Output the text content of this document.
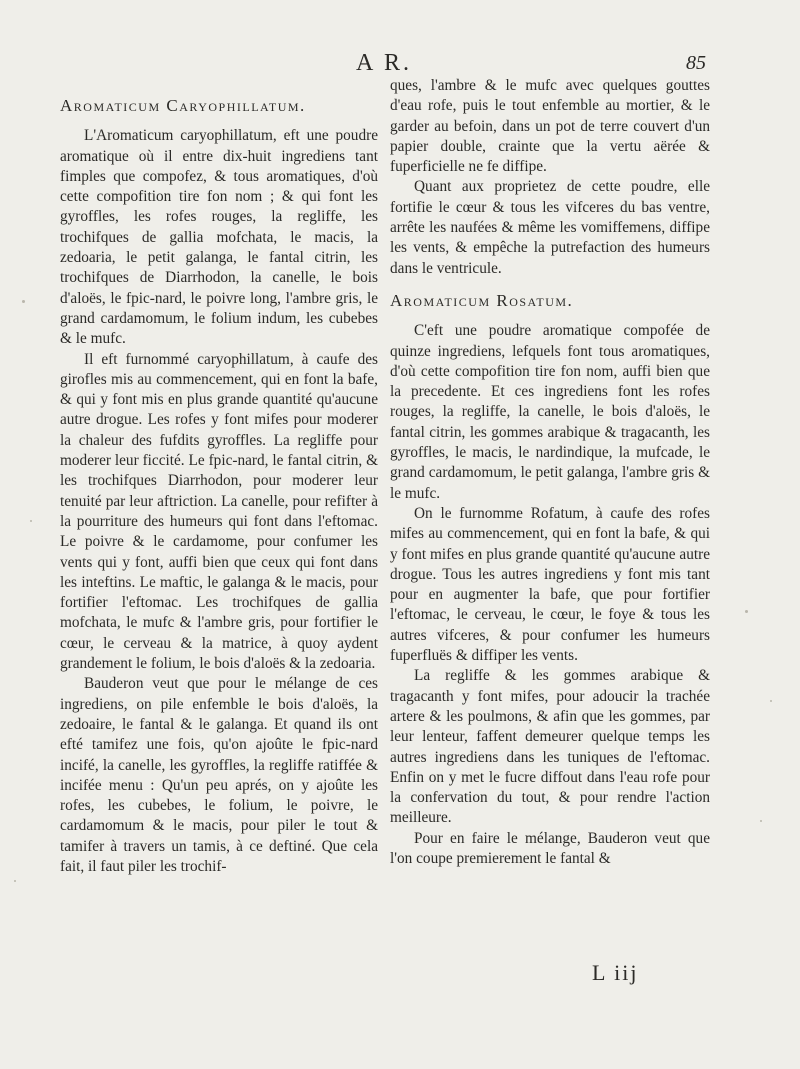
A R.	85
Aromaticum Caryophillatum.

L'Aromaticum caryophillatum, eft une poudre aromatique où il entre dix-huit ingrediens tant fimples que compofez, & tous aromatiques, d'où cette compofition tire fon nom ; & qui font les gyroffles, les rofes rouges, la regliffe, les trochifques de gallia mofchata, le macis, la zedoaria, le petit galanga, le fantal citrin, les trochifques de Diarrhodon, la canelle, le bois d'aloës, le fpic-nard, le poivre long, l'ambre gris, le grand cardamomum, le folium indum, les cubebes & le mufc.

Il eft furnommé caryophillatum, à caufe des girofles mis au commencement, qui en font la bafe, & qui y font mis en plus grande quantité qu'aucune autre drogue. Les rofes y font mifes pour moderer la chaleur des fufdits gyroffles. La regliffe pour moderer leur ficcité. Le fpic-nard, le fantal citrin, & les trochifques Diarrhodon, pour moderer leur tenuité par leur aftriction. La canelle, pour refifter à la pourriture des humeurs qui font dans l'eftomac. Le poivre & le cardamome, pour confumer les vents qui y font, auffi bien que ceux qui font dans les inteftins. Le maftic, le galanga & le macis, pour fortifier l'eftomac. Les trochifques de gallia mofchata, le mufc & l'ambre gris, pour fortifier le cœur, le cerveau & la matrice, à quoy aydent grandement le folium, le bois d'aloës & la zedoaria.

Bauderon veut que pour le mélange de ces ingrediens, on pile enfemble le bois d'aloës, la zedoaire, le fantal & le galanga. Et quand ils ont efté tamifez une fois, qu'on ajoûte le fpic-nard incifé, la canelle, les gyroffles, la regliffe ratiffée & incifée menu : Qu'un peu aprés, on y ajoûte les rofes, les cubebes, le folium, le poivre, le cardamomum & le macis, pour piler le tout & tamifer à travers un tamis, à ce deftiné. Que cela fait, il faut piler les trochif-

ques, l'ambre & le mufc avec quelques gouttes d'eau rofe, puis le tout enfemble au mortier, & le garder au befoin, dans un pot de terre couvert d'un papier double, crainte que la vertu aërée & fuperficielle ne fe diffipe.

Quant aux proprietez de cette poudre, elle fortifie le cœur & tous les vifceres du bas ventre, arrête les naufées & même les vomiffemens, diffipe les vents, & empêche la putrefaction des humeurs dans le ventricule.

Aromaticum Rosatum.

C'eft une poudre aromatique compofée de quinze ingrediens, lefquels font tous aromatiques, d'où cette compofition tire fon nom, auffi bien que la precedente. Et ces ingrediens font les rofes rouges, la regliffe, la canelle, le bois d'aloës, le fantal citrin, les gommes arabique & tragacanth, les gyroffles, le macis, le nardindique, la mufcade, le grand cardamomum, le petit galanga, l'ambre gris & le mufc.

On le furnomme Rofatum, à caufe des rofes mifes au commencement, qui en font la bafe, & qui y font mifes en plus grande quantité qu'aucune autre drogue. Tous les autres ingrediens y font mis tant pour en augmenter la bafe, que pour fortifier l'eftomac, le cerveau, le cœur, le foye & tous les autres vifceres, & pour confumer les humeurs fuperfluës & diffiper les vents.

La regliffe & les gommes arabique & tragacanth y font mifes, pour adoucir la trachée artere & les poulmons, & afin que les gommes, par leur lenteur, faffent demeurer quelque temps les autres ingrediens dans les tuniques de l'eftomac. Enfin on y met le fucre diffout dans l'eau rofe pour la confervation du tout, & pour rendre l'action meilleure.

Pour en faire le mélange, Bauderon veut que l'on coupe premierement le fantal &

L iij
